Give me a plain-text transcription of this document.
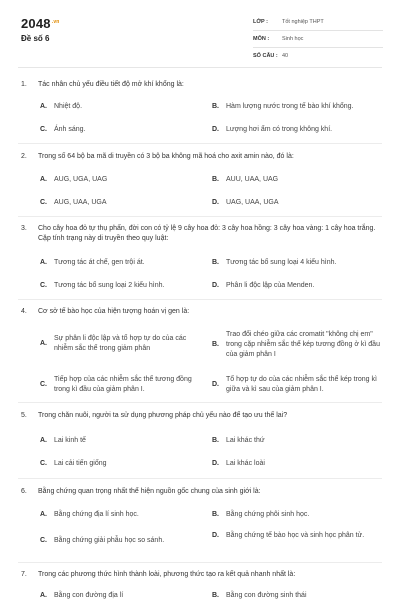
$2048^{.vn}$
Đề số 6
LỚP :	Tốt nghiệp THPT
MÔN :	Sinh học
SỐ CÂU : 40
1. Tác nhân chủ yếu điều tiết độ mở khí khổng là:
A.	Nhiệt độ.	B.	Hàm lượng nước trong tế bào khí khổng.
C.	Ánh sáng.	D.	Lượng hơi ẩm có trong không khí.
2. Trong số 64 bộ ba mã di truyền có 3 bộ ba không mã hoá cho axit amin nào, đó là:
A.	AUG, UGA, UAG	B.	AUU, UAA, UAG
C.	AUG, UAA, UGA	D.	UAG, UAA, UGA
3. Cho cây hoa đỏ tự thụ phấn, đời con có tỷ lệ 9 cây hoa đỏ: 3 cây hoa hồng: 3 cây hoa vàng: 1 cây hoa trắng. Cặp tính trạng này di truyền theo quy luật:
A.	Tương tác át chế, gen trội át.	B.	Tương tác bổ sung loại 4 kiểu hình.
C.	Tương tác bổ sung loại 2 kiểu hình.	D.	Phân li độc lập của Menden.
4. Cơ sở tế bào học của hiện tượng hoán vị gen là:
A.
Sự phân li độc lập và tổ hợp tự do của các nhiễm sắc thể trong giảm phân
B.
Trao đổi chéo giữa các cromatit "không chị em" trong cặp nhiễm sắc thể kép tương đồng ở kì đầu của giảm phân I
C.
Tiếp hợp của các nhiễm sắc thể tương đồng trong kì đầu của giảm phân I.
D.
Tổ hợp tự do của các nhiễm sắc thể kép trong kì giữa và kì sau của giảm phân I.
5. Trong chăn nuôi, người ta sử dụng phương pháp chủ yếu nào để tạo ưu thế lai?
A.	Lai kinh tế	B.	Lai khác thứ
C.	Lai cải tiến giống	D.	Lai khác loài
6. Bằng chứng quan trọng nhất thể hiện nguồn gốc chung của sinh giới là:
A.	Bằng chứng địa lí sinh học.	B.	Bằng chứng phôi sinh học.
C.	Bằng chứng giải phẫu học so sánh.
D.	Bằng chứng tế bào học và sinh học phân tử.
7. Trong các phương thức hình thành loài, phương thức tạo ra kết quả nhanh nhất là:
A.	Bằng con đường địa lí	B.	Bằng con đường sinh thái
